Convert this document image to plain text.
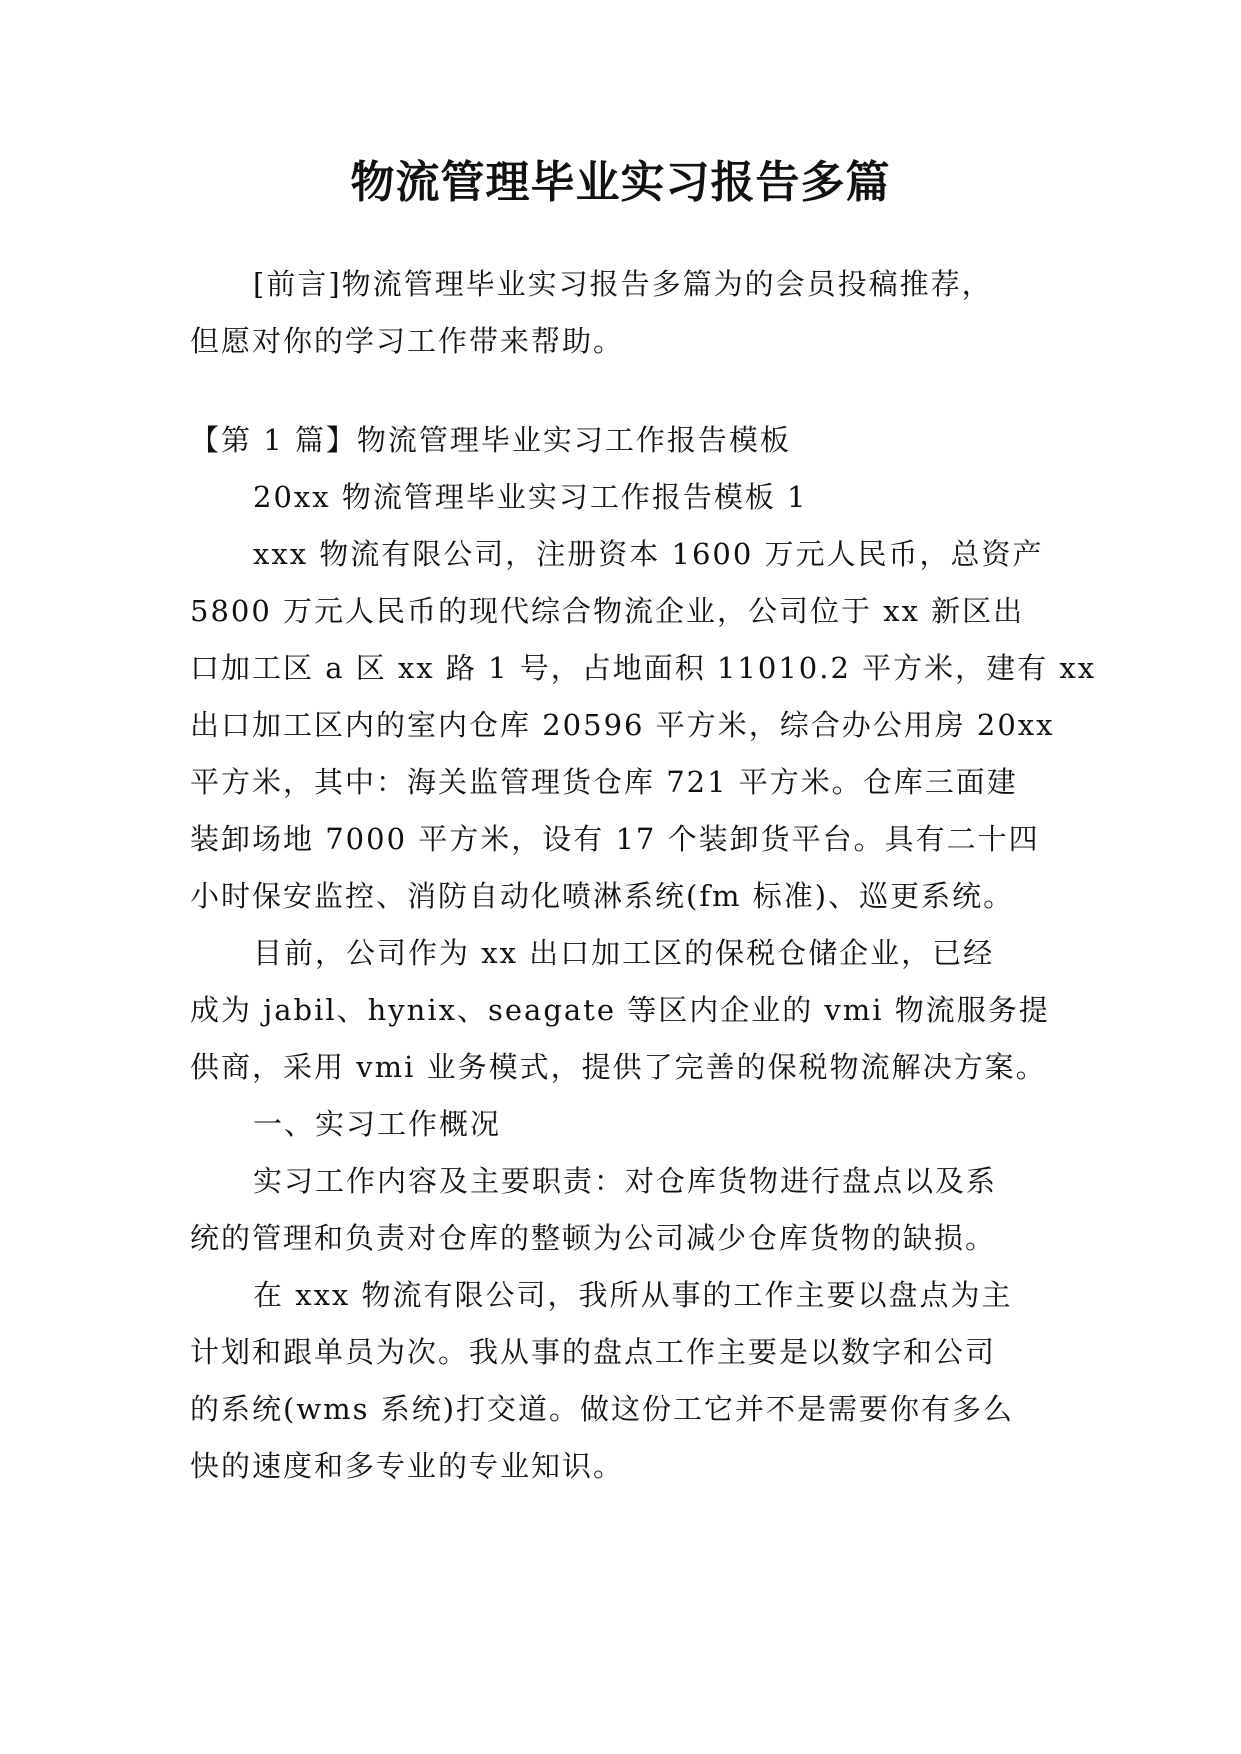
物流管理毕业实习报告多篇
[前言]物流管理毕业实习报告多篇为的会员投稿推荐，
但愿对你的学习工作带来帮助。
【第 1 篇】物流管理毕业实习工作报告模板
20xx 物流管理毕业实习工作报告模板 1
xxx 物流有限公司，注册资本 1600 万元人民币，总资产
5800 万元人民币的现代综合物流企业，公司位于 xx 新区出
口加工区 a 区 xx 路 1 号，占地面积 11010.2 平方米，建有 xx
出口加工区内的室内仓库 20596 平方米，综合办公用房 20xx
平方米，其中：海关监管理货仓库 721 平方米。仓库三面建
装卸场地 7000 平方米，设有 17 个装卸货平台。具有二十四
小时保安监控、消防自动化喷淋系统(fm 标准)、巡更系统。
目前，公司作为 xx 出口加工区的保税仓储企业，已经
成为 jabil、hynix、seagate 等区内企业的 vmi 物流服务提
供商，采用 vmi 业务模式，提供了完善的保税物流解决方案。
一、实习工作概况
实习工作内容及主要职责：对仓库货物进行盘点以及系
统的管理和负责对仓库的整顿为公司减少仓库货物的缺损。
在 xxx 物流有限公司，我所从事的工作主要以盘点为主
计划和跟单员为次。我从事的盘点工作主要是以数字和公司
的系统(wms 系统)打交道。做这份工它并不是需要你有多么
快的速度和多专业的专业知识。
